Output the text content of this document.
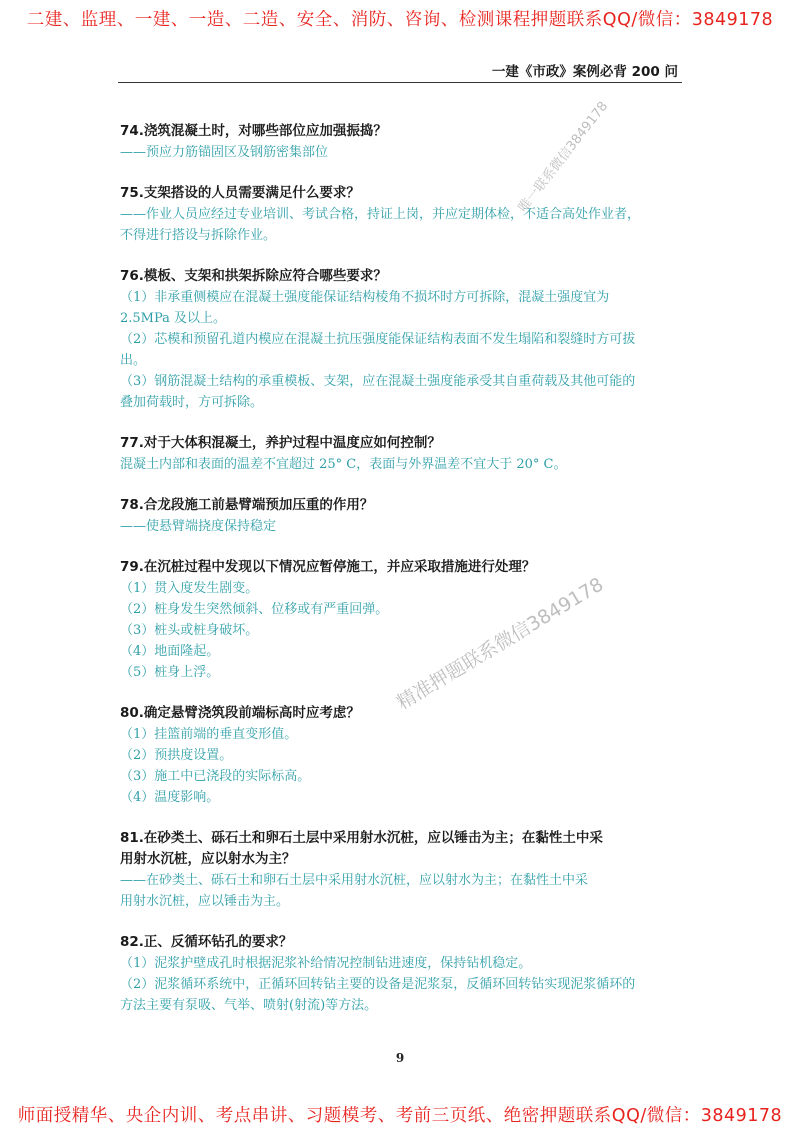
二建、监理、一建、一造、二造、安全、消防、咨询、检测课程押题联系QQ/微信：3849178
一建《市政》案例必背 200 问
74.浇筑混凝土时，对哪些部位应加强振捣？
——预应力筋锚固区及钢筋密集部位
75.支架搭设的人员需要满足什么要求？
——作业人员应经过专业培训、考试合格，持证上岗，并应定期体检，不适合高处作业者，
不得进行搭设与拆除作业。
76.模板、支架和拱架拆除应符合哪些要求？
（1）非承重侧模应在混凝土强度能保证结构棱角不损坏时方可拆除，混凝土强度宜为
2.5MPa 及以上。
（2）芯模和预留孔道内模应在混凝土抗压强度能保证结构表面不发生塌陷和裂缝时方可拔
出。
（3）钢筋混凝土结构的承重模板、支架，应在混凝土强度能承受其自重荷载及其他可能的
叠加荷载时，方可拆除。
77.对于大体积混凝土，养护过程中温度应如何控制？
混凝土内部和表面的温差不宜超过 25° C，表面与外界温差不宜大于 20° C。
78.合龙段施工前悬臂端预加压重的作用？
——使悬臂端挠度保持稳定
79.在沉桩过程中发现以下情况应暂停施工，并应采取措施进行处理？
（1）贯入度发生剧变。
（2）桩身发生突然倾斜、位移或有严重回弹。
（3）桩头或桩身破坏。
（4）地面隆起。
（5）桩身上浮。
80.确定悬臂浇筑段前端标高时应考虑？
（1）挂篮前端的垂直变形值。
（2）预拱度设置。
（3）施工中已浇段的实际标高。
（4）温度影响。
81.在砂类土、砾石土和卵石土层中采用射水沉桩，应以锤击为主；在黏性土中采
用射水沉桩，应以射水为主？
——在砂类土、砾石土和卵石土层中采用射水沉桩，应以射水为主；在黏性土中采
用射水沉桩，应以锤击为主。
82.正、反循环钻孔的要求？
（1）泥浆护壁成孔时根据泥浆补给情况控制钻进速度，保持钻机稳定。
（2）泥浆循环系统中，正循环回转钻主要的设备是泥浆泵，反循环回转钻实现泥浆循环的
方法主要有泵吸、气举、喷射(射流)等方法。
唯一联系微信3849178
精准押题联系微信3849178
9
师面授精华、央企内训、考点串讲、习题模考、考前三页纸、绝密押题联系QQ/微信：3849178
